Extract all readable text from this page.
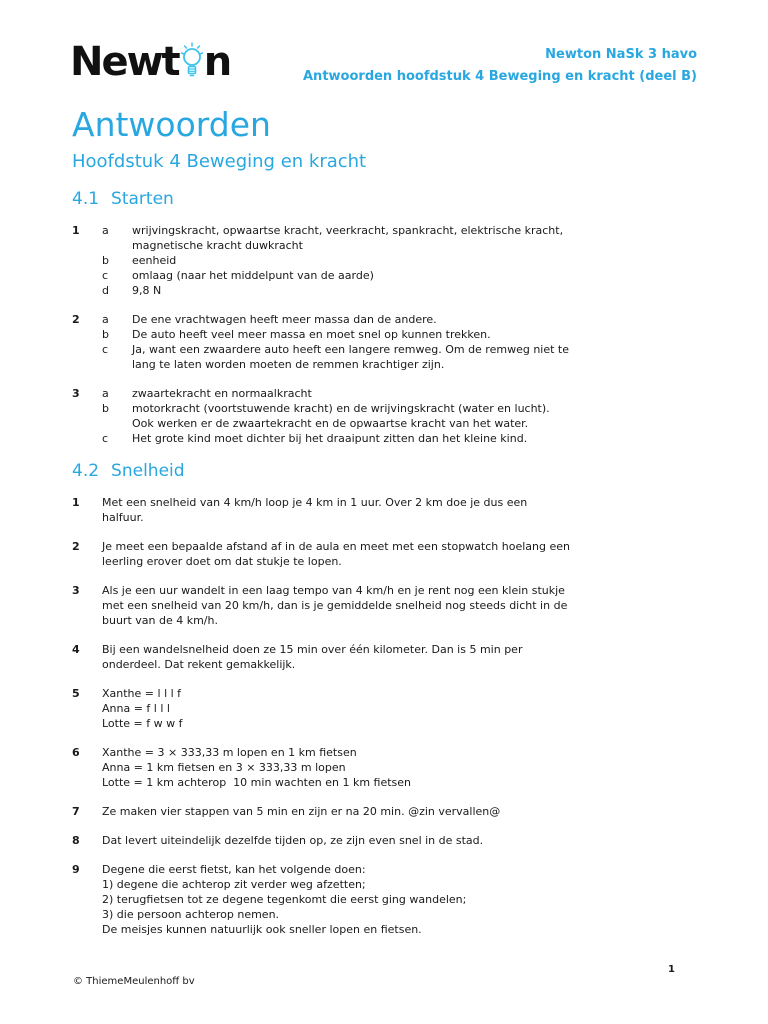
Newt n	Newton NaSk 3 havo
Antwoorden hoofdstuk 4 Beweging en kracht (deel B)
Antwoorden
Hoofdstuk 4 Beweging en kracht
4.1 Starten
1	a	wrijvingskracht, opwaartse kracht, veerkracht, spankracht, elektrische kracht,
magnetische kracht duwkracht
b	eenheid
c	omlaag (naar het middelpunt van de aarde)
d	9,8 N
2	a	De ene vrachtwagen heeft meer massa dan de andere.
b	De auto heeft veel meer massa en moet snel op kunnen trekken.
c	Ja, want een zwaardere auto heeft een langere remweg. Om de remweg niet te
lang te laten worden moeten de remmen krachtiger zijn.
3	a	zwaartekracht en normaalkracht
b	motorkracht (voortstuwende kracht) en de wrijvingskracht (water en lucht).
Ook werken er de zwaartekracht en de opwaartse kracht van het water.
c	Het grote kind moet dichter bij het draaipunt zitten dan het kleine kind.
4.2 Snelheid
1	Met een snelheid van 4 km/h loop je 4 km in 1 uur. Over 2 km doe je dus een
halfuur.
2	Je meet een bepaalde afstand af in de aula en meet met een stopwatch hoelang een
leerling erover doet om dat stukje te lopen.
3	Als je een uur wandelt in een laag tempo van 4 km/h en je rent nog een klein stukje
met een snelheid van 20 km/h, dan is je gemiddelde snelheid nog steeds dicht in de
buurt van de 4 km/h.
4	Bij een wandelsnelheid doen ze 15 min over één kilometer. Dan is 5 min per
onderdeel. Dat rekent gemakkelijk.
5	Xanthe = l l l f
Anna = f l l l
Lotte = f w w f
6	Xanthe = 3 × 333,33 m lopen en 1 km fietsen
Anna = 1 km fietsen en 3 × 333,33 m lopen
Lotte = 1 km achterop  10 min wachten en 1 km fietsen
7	Ze maken vier stappen van 5 min en zijn er na 20 min. @zin vervallen@
8	Dat levert uiteindelijk dezelfde tijden op, ze zijn even snel in de stad.
9	Degene die eerst fietst, kan het volgende doen:
1) degene die achterop zit verder weg afzetten;
2) terugfietsen tot ze degene tegenkomt die eerst ging wandelen;
3) die persoon achterop nemen.
De meisjes kunnen natuurlijk ook sneller lopen en fietsen.
© ThiemeMeulenhoff bv
1
